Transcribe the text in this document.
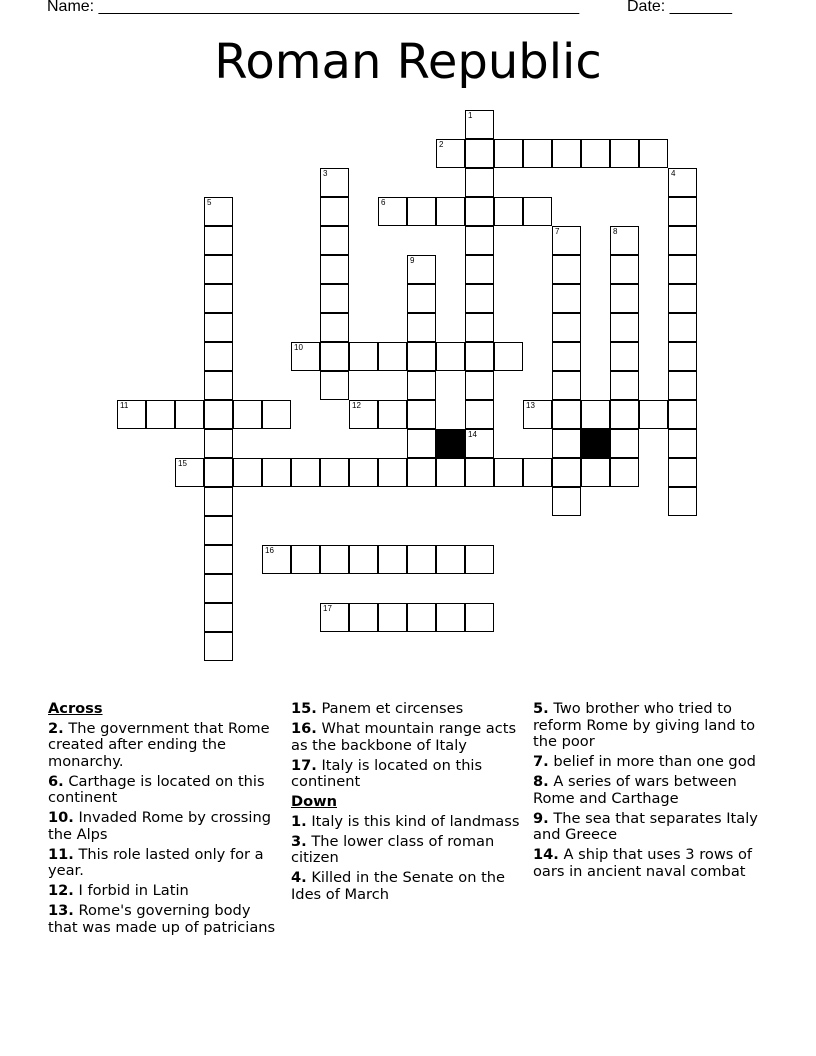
Name: ______________________________________________________	Date: _______
Roman Republic
1
14
2
3	4
5	6
7	8
9
10
11	12	13
15
16
17
Across
2. The government that Rome created after ending the monarchy.
6. Carthage is located on this continent
10. Invaded Rome by crossing the Alps
11. This role lasted only for a year.
12. I forbid in Latin
13. Rome's governing body that was made up of patricians
15. Panem et circenses
16. What mountain range acts as the backbone of Italy
17. Italy is located on this continent
Down
1. Italy is this kind of landmass
3. The lower class of roman citizen
4. Killed in the Senate on the Ides of March
5. Two brother who tried to reform Rome by giving land to the poor
7. belief in more than one god
8. A series of wars between Rome and Carthage
9. The sea that separates Italy and Greece
14. A ship that uses 3 rows of oars in ancient naval combat
